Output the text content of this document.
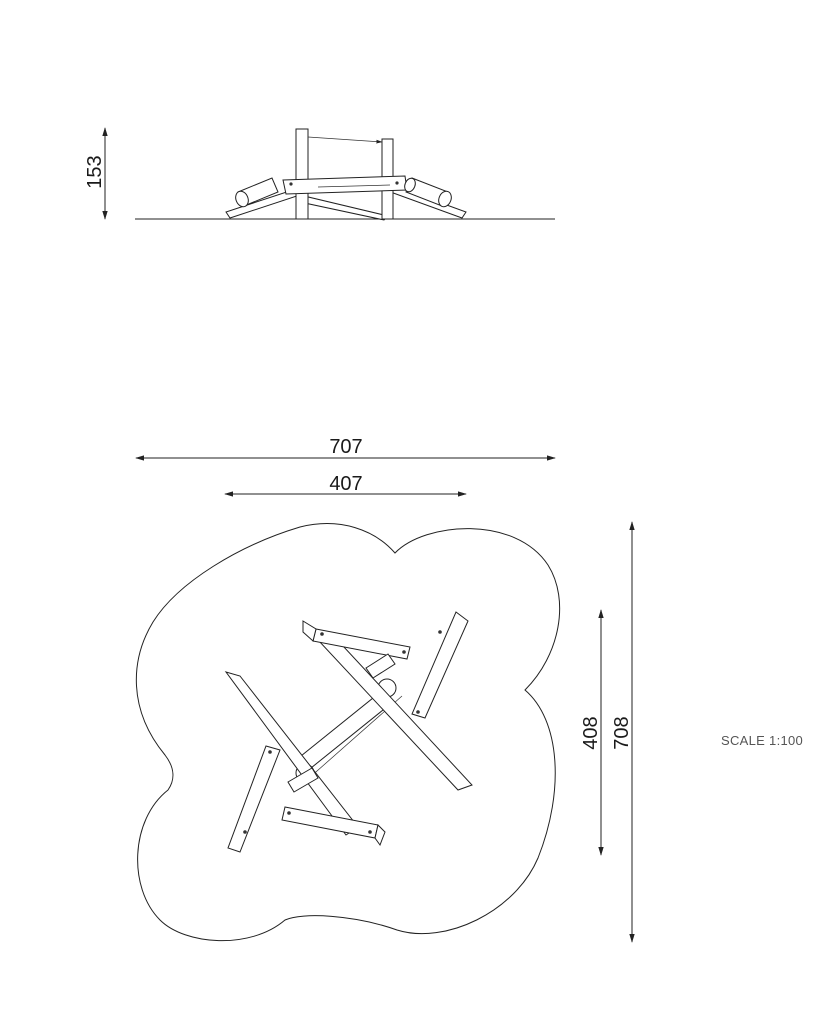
153
707
407
408 708	SCALE 1:100
